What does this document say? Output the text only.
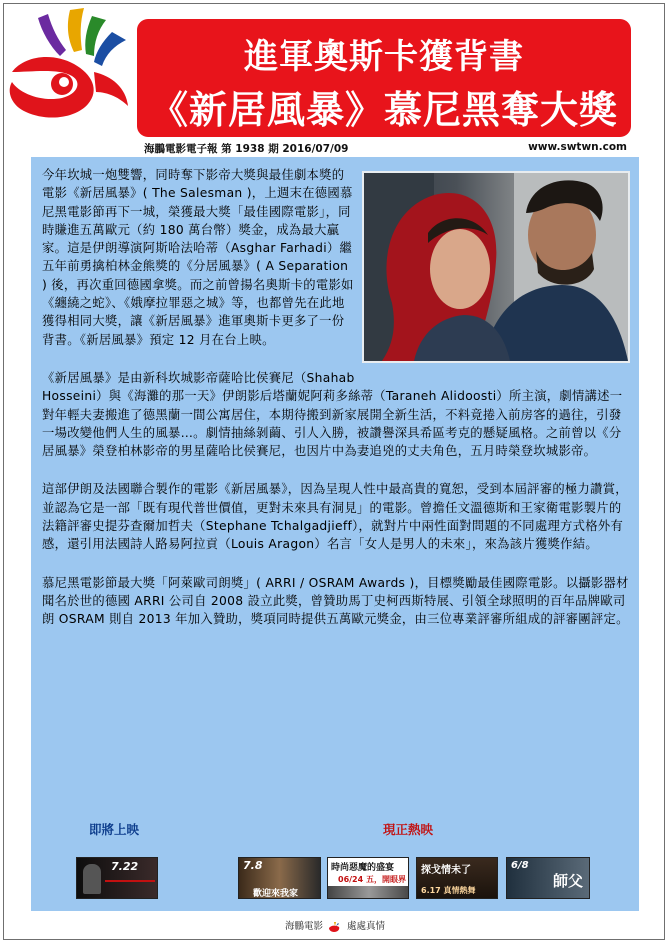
進軍奧斯卡獲背書
《新居風暴》慕尼黑奪大獎
海鵬電影電子報 第 1938 期 2016/07/09	www.swtwn.com

今年坎城一炮雙響，同時奪下影帝大獎與最佳劇本獎的電影《新居風暴》( The Salesman )，上週末在德國慕尼黑電影節再下一城，榮獲最大獎「最佳國際電影」，同時賺進五萬歐元（約 180 萬台幣）獎金，成為最大贏家。這是伊朗導演阿斯哈法哈蒂（Asghar Farhadi）繼五年前勇擒柏林金熊獎的《分居風暴》( A Separation ) 後，再次重回德國拿獎。而之前曾揚名奧斯卡的電影如《纏繞之蛇》、《娥摩拉罪惡之城》等，也都曾先在此地獲得相同大獎，讓《新居風暴》進軍奧斯卡更多了一份背書。《新居風暴》預定 12 月在台上映。

《新居風暴》是由新科坎城影帝薩哈比侯賽尼（Shahab Hosseini）與《海灘的那一天》伊朗影后塔蘭妮阿莉多絲蒂（Taraneh Alidoosti）所主演，劇情講述一對年輕夫妻搬進了德黑蘭一間公寓居住，本期待搬到新家展開全新生活，不料竟捲入前房客的過往，引發一場改變他們人生的風暴…。劇情抽絲剝繭、引人入勝，被讚譽深具希區考克的懸疑風格。之前曾以《分居風暴》榮登柏林影帝的男星薩哈比侯賽尼，也因片中為妻追兇的丈夫角色，五月時榮登坎城影帝。

這部伊朗及法國聯合製作的電影《新居風暴》，因為呈現人性中最高貴的寬恕，受到本屆評審的極力讚賞，並認為它是一部「既有現代普世價值，更對未來具有洞見」的電影。曾擔任文溫德斯和王家衛電影製片的法籍評審史提芬查爾加哲夫（Stephane Tchalgadjieff），就對片中兩性面對問題的不同處理方式格外有感，還引用法國詩人路易阿拉貢（Louis Aragon）名言「女人是男人的未來」，來為該片獲獎作結。

慕尼黑電影節最大獎「阿萊歐司朗獎」( ARRI / OSRAM Awards )，目標獎勵最佳國際電影。以攝影器材聞名於世的德國 ARRI 公司自 2008 設立此獎，曾贊助馬丁史柯西斯特展、引領全球照明的百年品牌歐司朗 OSRAM 則自 2013 年加入贊助，獎項同時提供五萬歐元獎金，由三位專業評審所組成的評審團評定。

即將上映	現正熱映
7.22	7.8
歡迎來我家
時尚惡魔的盛宴
06/24 五，開眼界
探戈情未了
6.17 真情熱舞
6/8
師父
海鵬電影	處處真情
